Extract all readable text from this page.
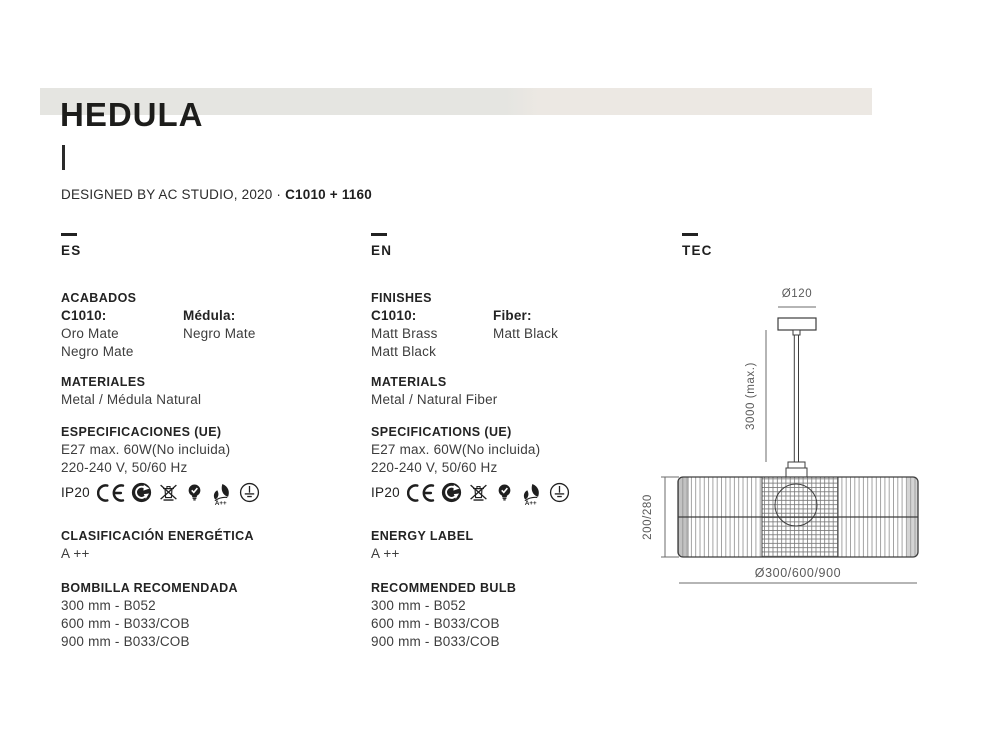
HEDULA
DESIGNED BY AC STUDIO, 2020 · C1010 + 1160
ES
ACABADOS
C1010:
Oro Mate
Negro Mate
Médula:
Negro Mate
MATERIALES
Metal / Médula Natural
ESPECIFICACIONES (UE)
E27 max. 60W(No incluida)
220-240 V, 50/60 Hz
IP20
CLASIFICACIÓN ENERGÉTICA
A ++
BOMBILLA RECOMENDADA
300 mm - B052
600 mm - B033/COB
900 mm - B033/COB
EN
FINISHES
C1010:
Matt Brass
Matt Black
Fiber:
Matt Black
MATERIALS
Metal / Natural Fiber
SPECIFICATIONS (UE)
E27 max. 60W(No incluida)
220-240 V, 50/60 Hz
IP20
ENERGY LABEL
A ++
RECOMMENDED BULB
300 mm - B052
600 mm - B033/COB
900 mm - B033/COB
TEC
Ø120
3000 (max.)
200/280
Ø300/600/900
